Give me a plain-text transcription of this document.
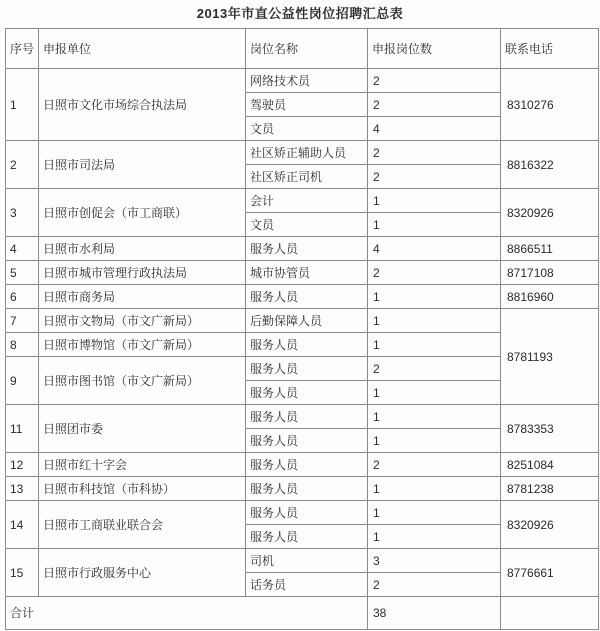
2013年市直公益性岗位招聘汇总表
序号	申报单位	岗位名称	申报岗位数	联系电话
1	日照市文化市场综合执法局	网络技术员	2	8310276
		驾驶员	2	
		文员	4	
2	日照市司法局	社区矫正辅助人员	2	8816322
		社区矫正司机	2	
3	日照市创促会（市工商联）	会计	1	8320926
		文员	1	
4	日照市水利局	服务人员	4	8866511
5	日照市城市管理行政执法局	城市协管员	2	8717108
6	日照市商务局	服务人员	1	8816960
7	日照市文物局（市文广新局）	后勤保障人员	1	8781193
8	日照市博物馆（市文广新局）	服务人员	1	
9	日照市图书馆（市文广新局）	服务人员	2	
		服务人员	1	
11	日照团市委	服务人员	1	8783353
		服务人员	1	
12	日照市红十字会	服务人员	2	8251084
13	日照市科技馆（市科协）	服务人员	1	8781238
14	日照市工商联业联合会	服务人员	1	8320926
		服务人员	1	
15	日照市行政服务中心	司机	3	8776661
		话务员	2	
合计			38	
